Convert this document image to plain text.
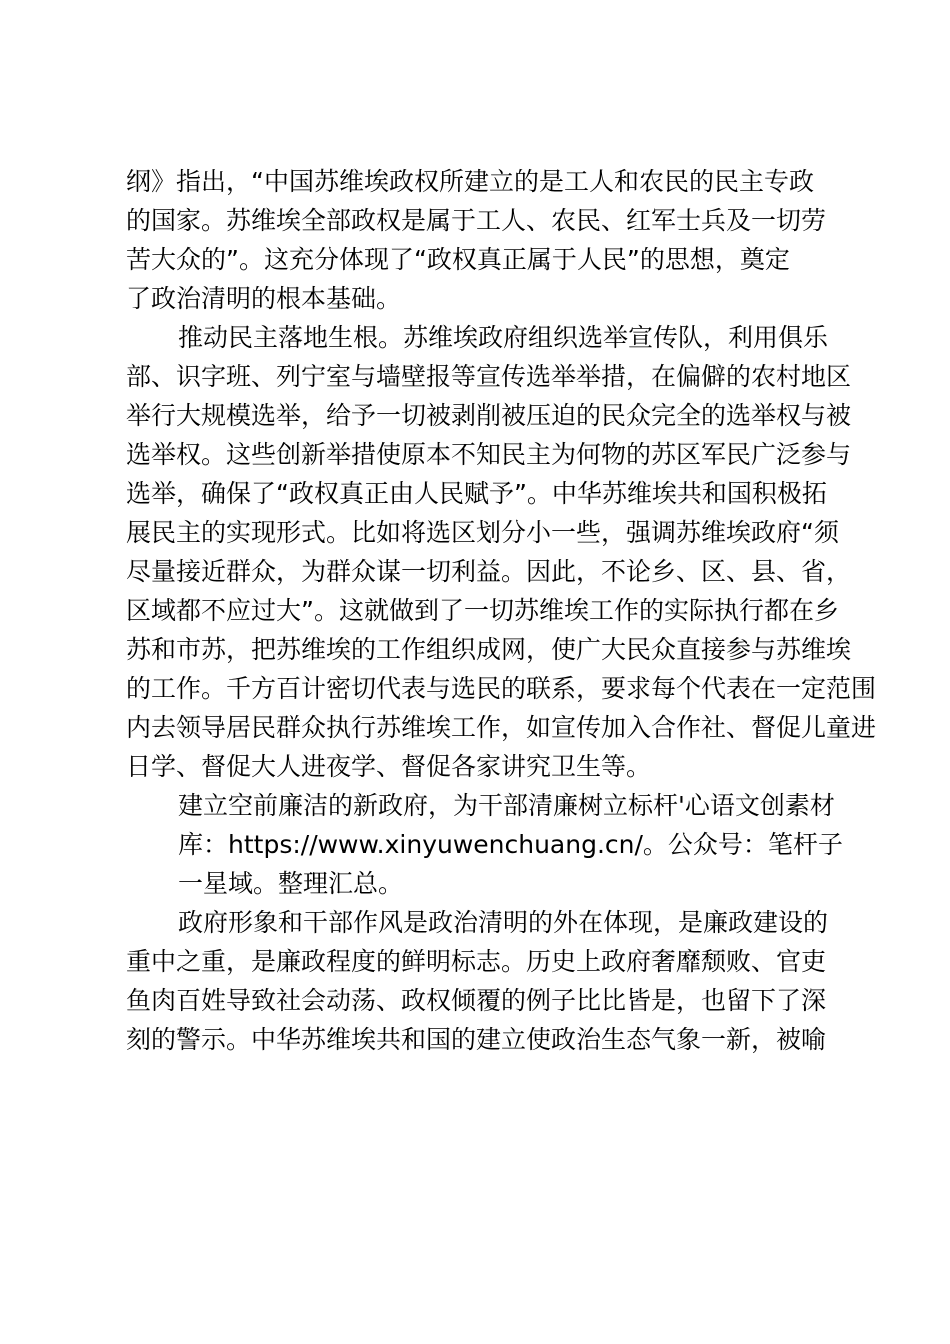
纲》指出，“中国苏维埃政权所建立的是工人和农民的民主专政
的国家。苏维埃全部政权是属于工人、农民、红军士兵及一切劳
苦大众的”。这充分体现了“政权真正属于人民”的思想，奠定
了政治清明的根本基础。
推动民主落地生根。苏维埃政府组织选举宣传队，利用俱乐
部、识字班、列宁室与墙壁报等宣传选举举措，在偏僻的农村地区
举行大规模选举，给予一切被剥削被压迫的民众完全的选举权与被
选举权。这些创新举措使原本不知民主为何物的苏区军民广泛参与
选举，确保了“政权真正由人民赋予”。中华苏维埃共和国积极拓
展民主的实现形式。比如将选区划分小一些，强调苏维埃政府“须
尽量接近群众，为群众谋一切利益。因此，不论乡、区、县、省，
区域都不应过大”。这就做到了一切苏维埃工作的实际执行都在乡
苏和市苏，把苏维埃的工作组织成网，使广大民众直接参与苏维埃
的工作。千方百计密切代表与选民的联系，要求每个代表在一定范围
内去领导居民群众执行苏维埃工作，如宣传加入合作社、督促儿童进
日学、督促大人进夜学、督促各家讲究卫生等。
建立空前廉洁的新政府，为干部清廉树立标杆'心语文创素材
库：https://www.xinyuwenchuang.cn/。公众号：笔杆子
一星域。整理汇总。
政府形象和干部作风是政治清明的外在体现，是廉政建设的
重中之重，是廉政程度的鲜明标志。历史上政府奢靡颓败、官吏
鱼肉百姓导致社会动荡、政权倾覆的例子比比皆是，也留下了深
刻的警示。中华苏维埃共和国的建立使政治生态气象一新，被喻
